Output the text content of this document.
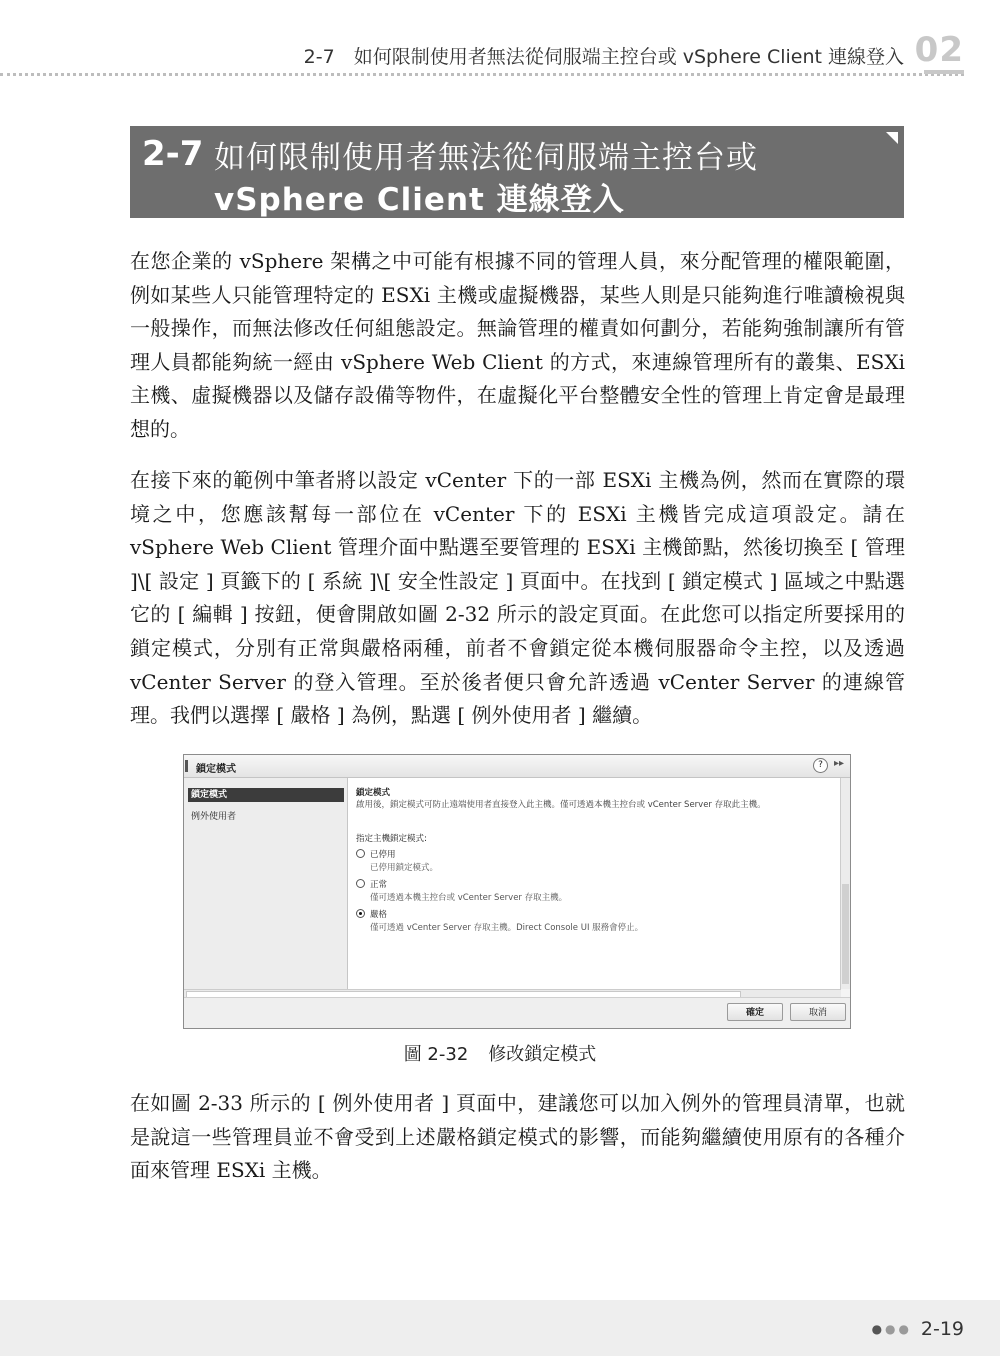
2-7　如何限制使用者無法從伺服端主控台或 vSphere Client 連線登入 02
2-7 如何限制使用者無法從伺服端主控台或
vSphere Client 連線登入

在您企業的 vSphere 架構之中可能有根據不同的管理人員，來分配管理的權限範圍，例如某些人只能管理特定的 ESXi 主機或虛擬機器，某些人則是只能夠進行唯讀檢視與一般操作，而無法修改任何組態設定。無論管理的權責如何劃分，若能夠強制讓所有管理人員都能夠統一經由 vSphere Web Client 的方式，來連線管理所有的叢集、ESXi 主機、虛擬機器以及儲存設備等物件，在虛擬化平台整體安全性的管理上肯定會是最理想的。

在接下來的範例中筆者將以設定 vCenter 下的一部 ESXi 主機為例，然而在實際的環境之中，您應該幫每一部位在 vCenter 下的 ESXi 主機皆完成這項設定。請在 vSphere Web Client 管理介面中點選至要管理的 ESXi 主機節點，然後切換至 [ 管理 ]\[ 設定 ] 頁籤下的 [ 系統 ]\[ 安全性設定 ] 頁面中。在找到 [ 鎖定模式 ] 區域之中點選它的 [ 編輯 ] 按鈕，便會開啟如圖 2-32 所示的設定頁面。在此您可以指定所要採用的鎖定模式，分別有正常與嚴格兩種，前者不會鎖定從本機伺服器命令主控，以及透過 vCenter Server 的登入管理。至於後者便只會允許透過 vCenter Server 的連線管理。我們以選擇 [ 嚴格 ] 為例，點選 [ 例外使用者 ] 繼續。

鎖定模式	?	▸▸
鎖定模式
例外使用者
鎖定模式
啟用後，鎖定模式可防止遠端使用者直接登入此主機。僅可透過本機主控台或 vCenter Server 存取此主機。
指定主機鎖定模式:
已停用
已停用鎖定模式。
正常
僅可透過本機主控台或 vCenter Server 存取主機。
嚴格
僅可透過 vCenter Server 存取主機。Direct Console UI 服務會停止。
確定	取消
圖 2-32 修改鎖定模式

在如圖 2-33 所示的 [ 例外使用者 ] 頁面中，建議您可以加入例外的管理員清單，也就是說這一些管理員並不會受到上述嚴格鎖定模式的影響，而能夠繼續使用原有的各種介面來管理 ESXi 主機。

●●● 2-19
